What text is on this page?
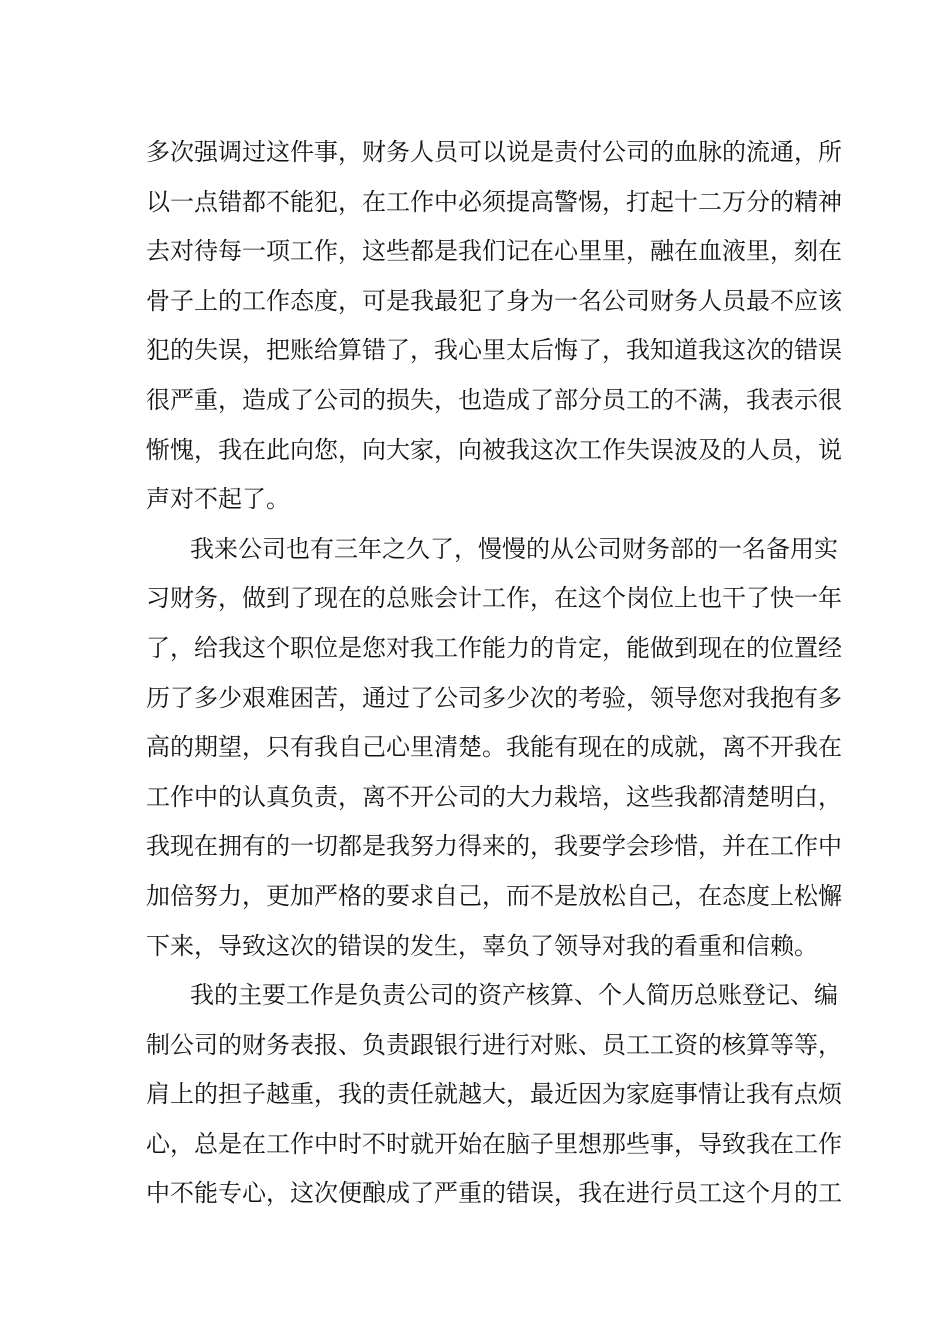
多次强调过这件事，财务人员可以说是责付公司的血脉的流通，所
以一点错都不能犯，在工作中必须提高警惕，打起十二万分的精神
去对待每一项工作，这些都是我们记在心里里，融在血液里，刻在
骨子上的工作态度，可是我最犯了身为一名公司财务人员最不应该
犯的失误，把账给算错了，我心里太后悔了，我知道我这次的错误
很严重，造成了公司的损失，也造成了部分员工的不满，我表示很
惭愧，我在此向您，向大家，向被我这次工作失误波及的人员，说
声对不起了。
我来公司也有三年之久了，慢慢的从公司财务部的一名备用实
习财务，做到了现在的总账会计工作，在这个岗位上也干了快一年
了，给我这个职位是您对我工作能力的肯定，能做到现在的位置经
历了多少艰难困苦，通过了公司多少次的考验，领导您对我抱有多
高的期望，只有我自己心里清楚。我能有现在的成就，离不开我在
工作中的认真负责，离不开公司的大力栽培，这些我都清楚明白，
我现在拥有的一切都是我努力得来的，我要学会珍惜，并在工作中
加倍努力，更加严格的要求自己，而不是放松自己，在态度上松懈
下来，导致这次的错误的发生，辜负了领导对我的看重和信赖。
我的主要工作是负责公司的资产核算、个人简历总账登记、编
制公司的财务表报、负责跟银行进行对账、员工工资的核算等等，
肩上的担子越重，我的责任就越大，最近因为家庭事情让我有点烦
心，总是在工作中时不时就开始在脑子里想那些事，导致我在工作
中不能专心，这次便酿成了严重的错误，我在进行员工这个月的工
